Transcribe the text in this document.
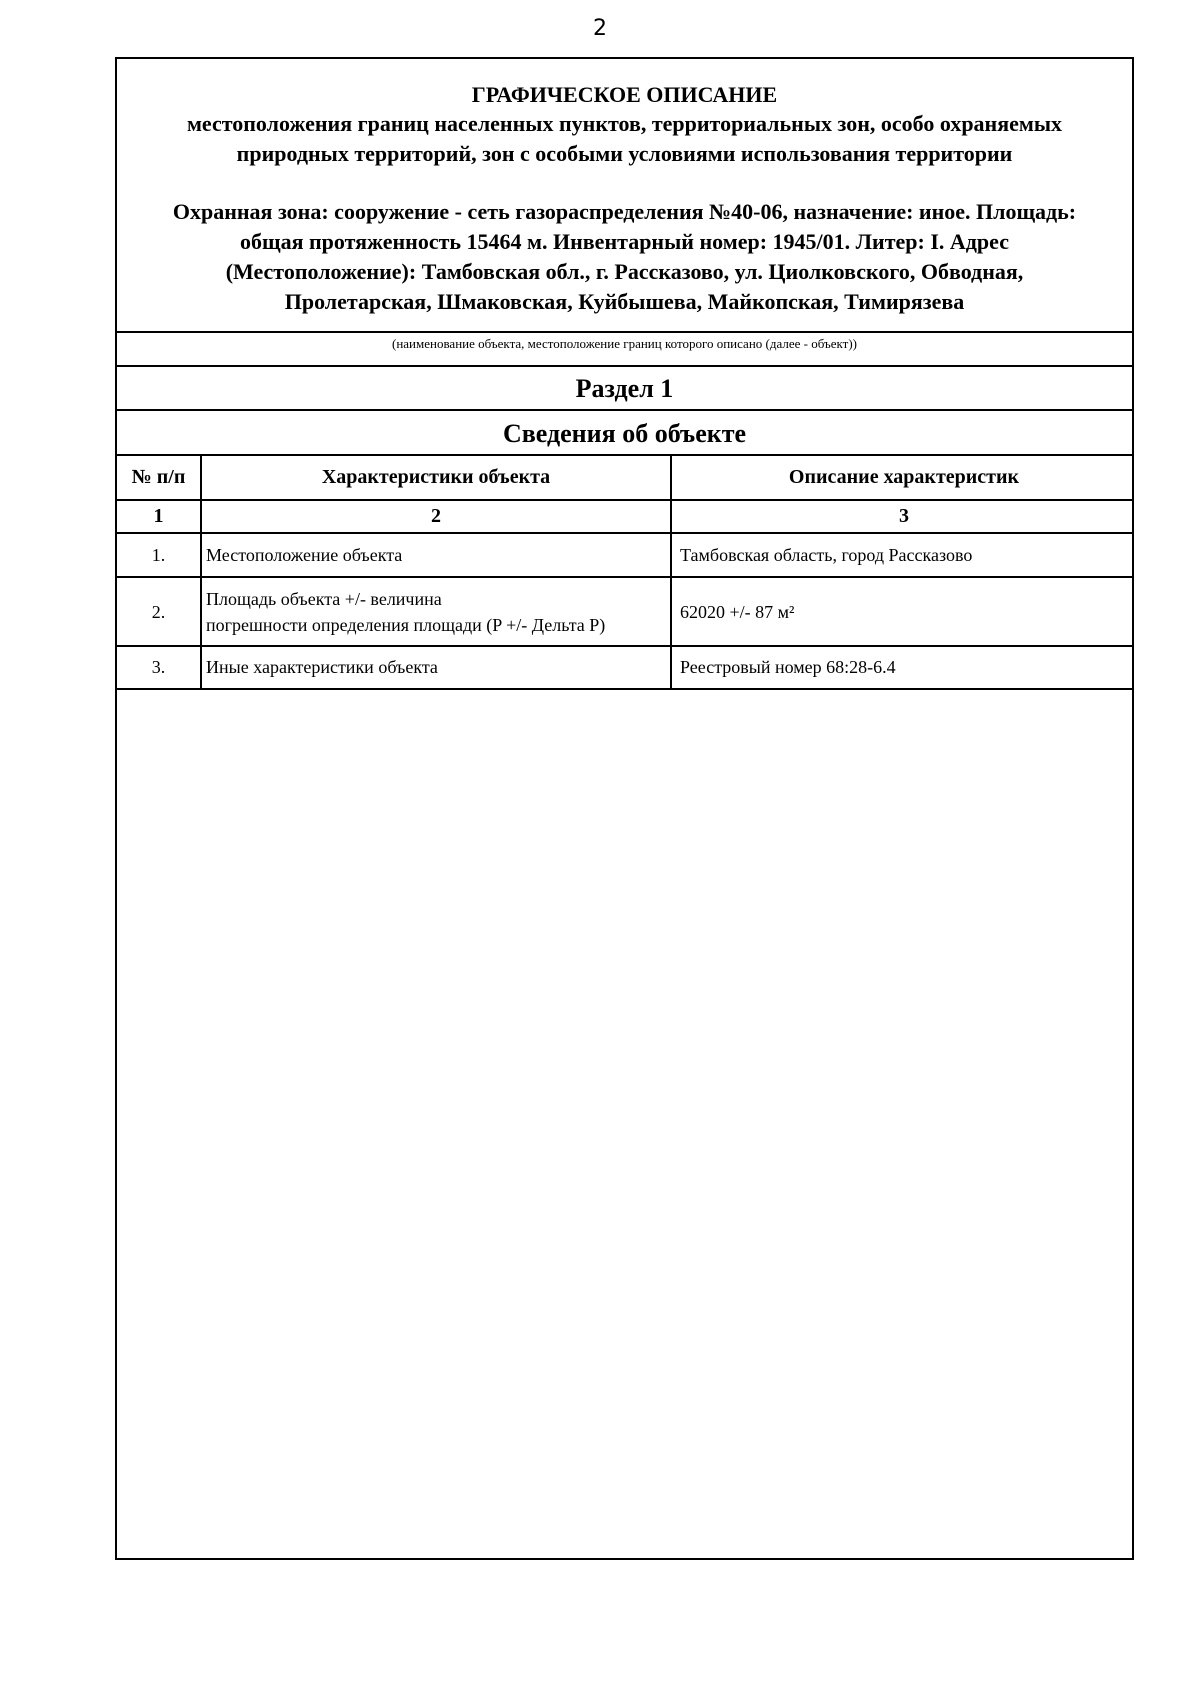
2
ГРАФИЧЕСКОЕ ОПИСАНИЕ
местоположения границ населенных пунктов, территориальных зон, особо охраняемых
природных территорий, зон с особыми условиями использования территории
Охранная зона: сооружение - сеть газораспределения №40-06, назначение: иное. Площадь:
общая протяженность 15464 м. Инвентарный номер: 1945/01. Литер: I. Адрес
(Местоположение): Тамбовская обл., г. Рассказово, ул. Циолковского, Обводная,
Пролетарская, Шмаковская, Куйбышева, Майкопская, Тимирязева
(наименование объекта, местоположение границ которого описано (далее - объект))
Раздел 1
Сведения об объекте
№ п/п	Характеристики объекта	Описание характеристик
1	2	3
1.	Местоположение объекта	Тамбовская область, город Рассказово
2.	Площадь объекта +/- величина
погрешности определения площади (P +/- Дельта P)	62020 +/- 87 м²
3.	Иные характеристики объекта	Реестровый номер 68:28-6.4
